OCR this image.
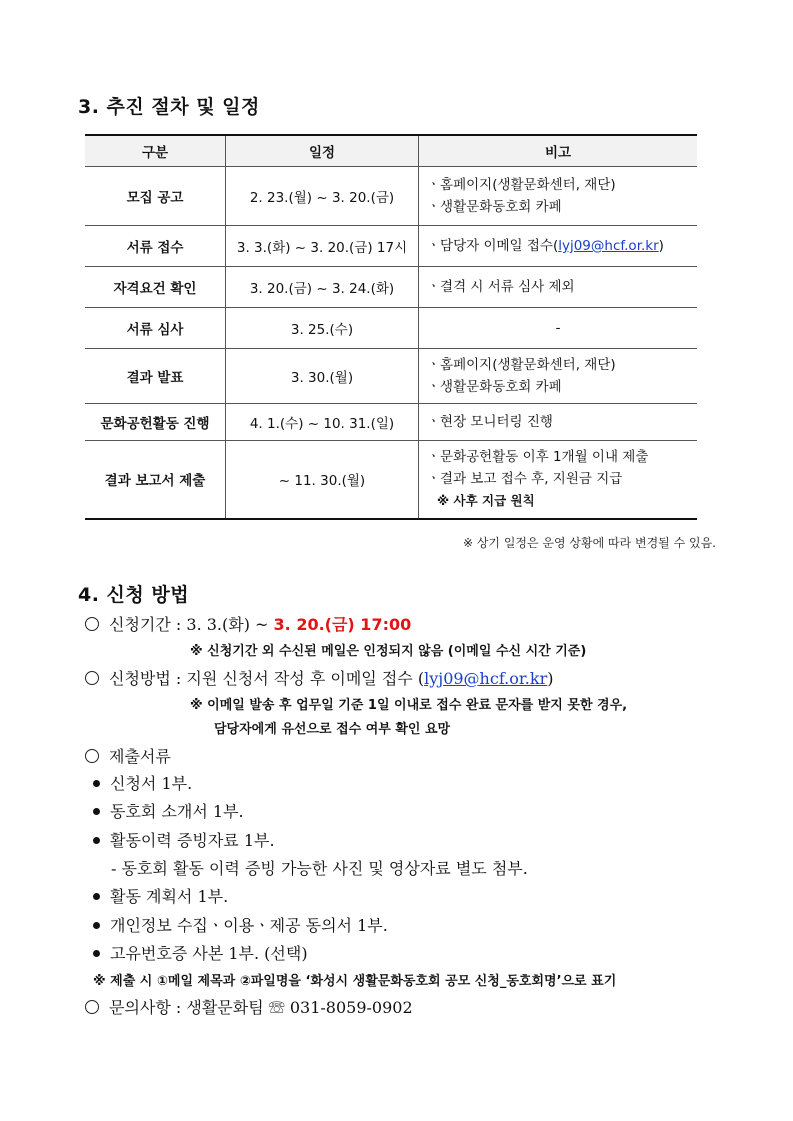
3. 추진 절차 및 일정
구분	일정	비고
모집 공고	2. 23.(월) ~ 3. 20.(금)	ㆍ홈페이지(생활문화센터, 재단)
ㆍ생활문화동호회 카페

서류 접수	3. 3.(화) ~ 3. 20.(금) 17시	ㆍ담당자 이메일 접수(lyj09@hcf.or.kr)
자격요건 확인	3. 20.(금) ~ 3. 24.(화)	ㆍ결격 시 서류 심사 제외
서류 심사	3. 25.(수)	-
결과 발표	3. 30.(월)	ㆍ홈페이지(생활문화센터, 재단)
ㆍ생활문화동호회 카페

문화공헌활동 진행	4. 1.(수) ~ 10. 31.(일)	ㆍ현장 모니터링 진행
결과 보고서 제출	~ 11. 30.(월)	ㆍ문화공헌활동 이후 1개월 이내 제출
ㆍ결과 보고 접수 후, 지원금 지급
※ 사후 지급 원칙
※ 상기 일정은 운영 상황에 따라 변경될 수 있음.
4. 신청 방법
신청기간 : 3. 3.(화) ~ 3. 20.(금) 17:00
※ 신청기간 외 수신된 메일은 인정되지 않음 (이메일 수신 시간 기준)
신청방법 : 지원 신청서 작성 후 이메일 접수 (lyj09@hcf.or.kr)
※ 이메일 발송 후 업무일 기준 1일 이내로 접수 완료 문자를 받지 못한 경우,
담당자에게 유선으로 접수 여부 확인 요망
제출서류
신청서 1부.
동호회 소개서 1부.
활동이력 증빙자료 1부.
- 동호회 활동 이력 증빙 가능한 사진 및 영상자료 별도 첨부.
활동 계획서 1부.
개인정보 수집ㆍ이용ㆍ제공 동의서 1부.
고유번호증 사본 1부. (선택)
※ 제출 시 ①메일 제목과 ②파일명을 ‘화성시 생활문화동호회 공모 신청_동호회명’으로 표기
문의사항 : 생활문화팀 ☏ 031-8059-0902
